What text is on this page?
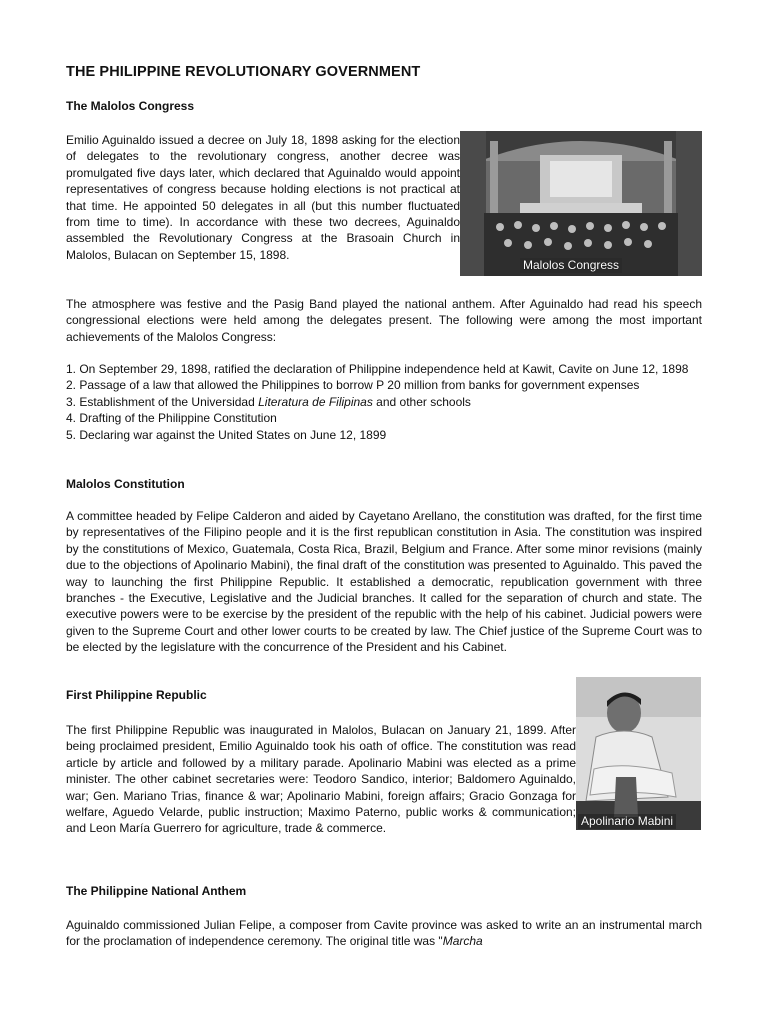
THE PHILIPPINE REVOLUTIONARY GOVERNMENT
The Malolos Congress

Emilio Aguinaldo issued a decree on July 18, 1898 asking for the election of delegates to the revolutionary congress, another decree was promulgated five days later, which declared that Aguinaldo would appoint representatives of congress because holding elections is not practical at that time. He appointed 50 delegates in all (but this number fluctuated from time to time). In accordance with these two decrees, Aguinaldo assembled the Revolutionary Congress at the Brasoain Church in Malolos, Bulacan on September 15, 1898.

Malolos Congress

The atmosphere was festive and the Pasig Band played the national anthem. After Aguinaldo had read his speech congressional elections were held among the delegates present. The following were among the most important achievements of the Malolos Congress:

1. On September 29, 1898, ratified the declaration of Philippine independence held at Kawit, Cavite on June 12, 1898
2. Passage of a law that allowed the Philippines to borrow P 20 million from banks for government expenses
3. Establishment of the Universidad Literatura de Filipinas and other schools
4. Drafting of the Philippine Constitution
5. Declaring war against the United States on June 12, 1899
Malolos Constitution

A committee headed by Felipe Calderon and aided by Cayetano Arellano, the constitution was drafted, for the first time by representatives of the Filipino people and it is the first republican constitution in Asia. The constitution was inspired by the constitutions of Mexico, Guatemala, Costa Rica, Brazil, Belgium and France. After some minor revisions (mainly due to the objections of Apolinario Mabini), the final draft of the constitution was presented to Aguinaldo. This paved the way to launching the first Philippine Republic. It established a democratic, republication government with three branches - the Executive, Legislative and the Judicial branches. It called for the separation of church and state. The executive powers were to be exercise by the president of the republic with the help of his cabinet. Judicial powers were given to the Supreme Court and other lower courts to be created by law. The Chief justice of the Supreme Court was to be elected by the legislature with the concurrence of the President and his Cabinet.

First Philippine Republic

The first Philippine Republic was inaugurated in Malolos, Bulacan on January 21, 1899. After being proclaimed president, Emilio Aguinaldo took his oath of office. The constitution was read article by article and followed by a military parade. Apolinario Mabini was elected as a prime minister. The other cabinet secretaries were: Teodoro Sandico, interior; Baldomero Aguinaldo, war; Gen. Mariano Trias, finance & war; Apolinario Mabini, foreign affairs; Gracio Gonzaga for welfare, Aguedo Velarde, public instruction; Maximo Paterno, public works & communication; and Leon María Guerrero for agriculture, trade & commerce.

Apolinario Mabini
The Philippine National Anthem

Aguinaldo commissioned Julian Felipe, a composer from Cavite province was asked to write an an instrumental march for the proclamation of independence ceremony. The original title was "Marcha
